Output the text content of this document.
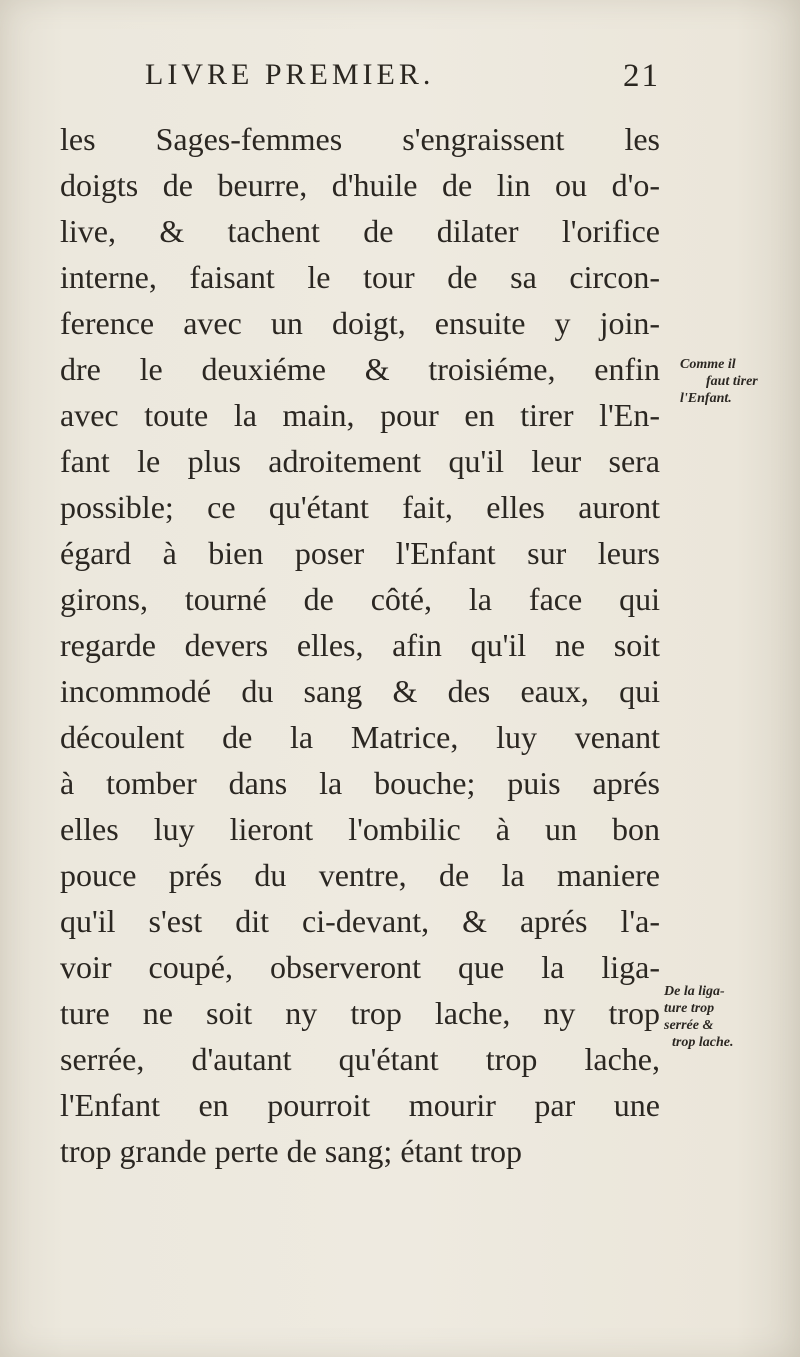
LIVRE PREMIER.	21
les Sages-femmes s'engraissent les
doigts de beurre, d'huile de lin ou d'o-
live, & tachent de dilater l'orifice
interne, faisant le tour de sa circon-
ference avec un doigt, ensuite y join-
dre le deuxiéme & troisiéme, enfin
avec toute la main, pour en tirer l'En-
fant le plus adroitement qu'il leur sera
possible; ce qu'étant fait, elles auront
égard à bien poser l'Enfant sur leurs
girons, tourné de côté, la face qui
regarde devers elles, afin qu'il ne soit
incommodé du sang & des eaux, qui
découlent de la Matrice, luy venant
à tomber dans la bouche; puis aprés
elles luy lieront l'ombilic à un bon
pouce prés du ventre, de la maniere
qu'il s'est dit ci-devant, & aprés l'a-
voir coupé, observeront que la liga-
ture ne soit ny trop lache, ny trop
serrée, d'autant qu'étant trop lache,
l'Enfant en pourroit mourir par une
trop grande perte de sang; étant trop
Comme il
faut tirer
l'Enfant.
De la liga-
ture trop
serrée &
trop lache.
